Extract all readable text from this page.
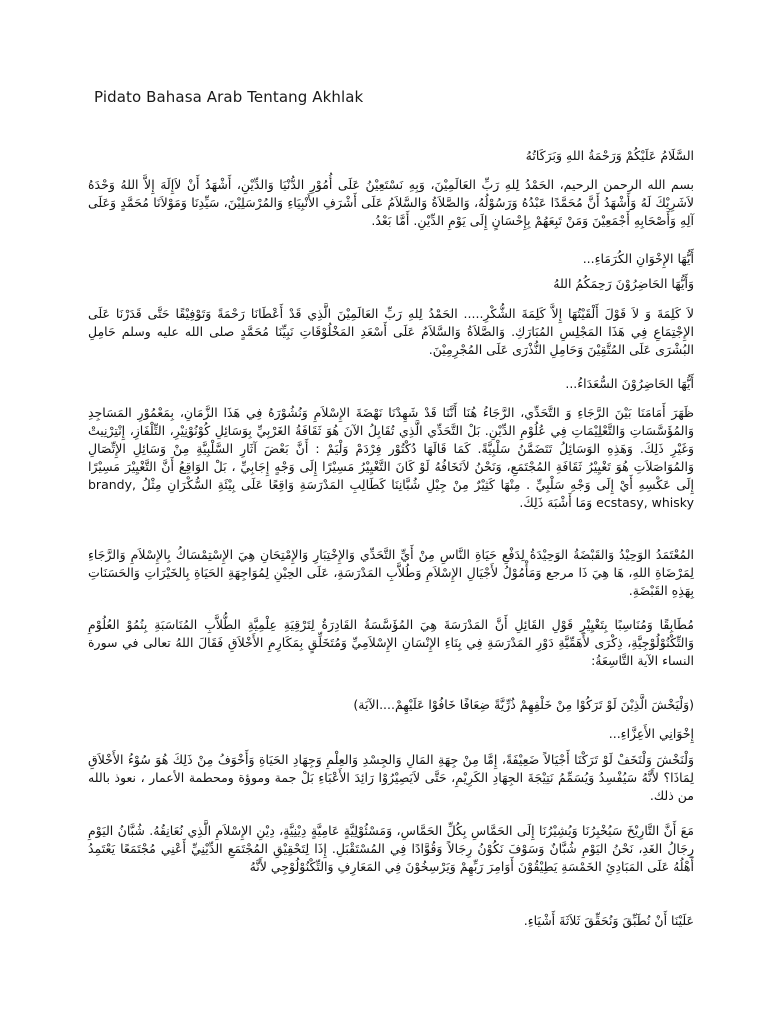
Pidato Bahasa Arab Tentang Akhlak
السَّلَامُ عَلَيْكُمْ وَرَحْمَةُ اللهِ وَبَرَكَاتُهُ
بسم الله الرحمن الرحيم، الحَمْدُ لِلهِ رَبِّ العَالَمِيْنَ، وَبِهِ نَسْتَعِيْنُ عَلَى أُمُوْرِ الدُّنْيَا وَالدِّيْنِ، أَشْهَدُ أَنْ لاَإِلَهَ إِلاَّ اللهُ وَحْدَهُ لاَشَرِيْكَ لَهُ وَأَشْهَدُ أَنَّ مُحَمَّدًا عَبْدُهُ وَرَسُوْلُهُ، وَالصَّلاَةُ وَالسَّلاَمُ عَلَى أَشْرَفِ الأَنْبِيَاءِ وَالمُرْسَلِيْنَ، سَيِّدِنَا وَمَوْلاَنَا مُحَمَّدٍ وَعَلَى آلِهِ وَأَصْحَابِهِ أَجْمَعِيْنَ وَمَنْ تَبِعَهُمْ بِإِحْسَانٍ إِلَى يَوْمِ الدِّيْنِ. أَمَّا بَعْدُ.
أَيُّهَا الإِخْوَانِ الكُرَمَاءِ...
وَأَيُّهَا الحَاضِرُوْنَ رَحِمَكُمُ اللهُ
لاَ كَلِمَةَ وَ لاَ قَوْلَ أَلْقَيْتُهَا إِلاَّ كَلِمَةَ الشُّكْرِ..... الحَمْدُ لِلهِ رَبِّ العَالَمِيْنَ الَّذِي قَدْ أَعْطَانَا رَحْمَةً وَتَوْفِيْقًا حَتَّى قَدَرْنَا عَلَى الإِجْتِمَاعِ فِي هَذَا المَجْلِسِ المُبَارَكِ. وَالصَّلاَةُ وَالسَّلاَمُ عَلَى أَسْعَدِ المَخْلُوْقَاتِ نَبِيِّنَا مُحَمَّدٍ صلى الله عليه وسلم حَامِلِ البُشْرَى عَلَى المُتَّقِيْنَ وَحَامِلِ النُّذْرَى عَلَى المُجْرِمِيْنَ.
أَيُّهَا الحَاضِرُوْنَ السُّعَدَاءُ...
ظَهَرَ أَمَامَنَا بَيْنَ الرَّجَاءِ وَ التَّحَدِّي، الرَّجَاءُ هُنَا أَنَّنَا قَدْ شَهِدْنَا نَهْضَةَ الإِسْلاَمِ وَنُشُوْرَهُ فِي هَذَا الزَّمَانِ، بِمَعْمُوْرِ المَسَاجِدِ وَالمُؤَسَّسَاتِ وَالتَّعْلِيْمَاتِ فِي عُلُوْمِ الدِّيْنِ. بَلْ التَّحَدِّي الَّذِي تُقَابِلُ الآنَ هُوَ ثَقَافَةُ الغَرْبِيِّ بِوَسَائِلِ كُوْنُوْنِيْرِ، التِّلْفَازِ، إِنْتِرْنِيتْ وَغَيْرِ ذَلِكَ. وَهَذِهِ الوَسَائِلُ تَتَضَمَّنُ سَلْبِيَّةً. كَمَا قَالَهَا دُكْتُوْر فِرْدَمْ وَلْيَمْ : أَنَّ بَعْضَ آثَارِ السَّلْبِيَّةِ مِنْ وَسَائِلِ الإِتِّصَالِ وَالمُوَاصَلاَتِ هُوَ تَغْيِيْرُ ثَقَافَةِ المُجْتَمَعِ، وَنَحْنُ لاَنَخَافُهُ لَوْ كَانَ التَّغْيِيْرُ مَسِيْرًا إِلَى وَجْهٍ إِجَابِيِّ ، بَلْ الوَاقِعُ أَنَّ التَّغْيِيْرَ مَسِيْرًا إِلَى عَكْسِهِ أَيْ إِلَى وَجْهِ سَلْبِيِّ . مِنْهَا كَثِيْرٌ مِنْ جِيْلِ شُبَّانِنَا كَطَالِبِ المَدْرَسَةِ وَاقِعًا عَلَى بِيْئَةِ السُّكْرَانِ مِثْلُ brandy, ecstasy, whisky وَمَا أَشْبَهَ ذَلِكَ.
المُعْتَمَدُ الوَحِيْدُ وَالقَبْضَةُ الوَحِيْدَةُ لِدَفْعِ حَيَاةِ النَّاسِ مِنْ أَيِّ التَّحَدِّي وَالإِخْتِبَارِ وَالإِمْتِحَانِ هِيَ الإِسْتِمْسَاكُ بِالإِسْلاَمِ وَالرَّجَاءِ لِمَرْضَاةِ اللهِ، هَا هِيَ ذَا مرجع وَمَأْمُوْلُ لأَجْيَالِ الإِسْلاَمِ وَطُلاَّبِ المَدْرَسَةِ، عَلَى الحِيْنِ لِمُوَاجِهَةِ الحَيَاةِ بِالخَيْرَاتِ وَالحَسَنَاتِ بِهَذِهِ القَبْضَةِ.
مُطَابِقًا وَمُنَاسِبًا بِتَغْيِيْرِ قَوْلِ القَائِلِ أَنَّ المَدْرَسَةَ هِيَ المُؤَسَّسَةُ القَادِرَةُ لِتَرْقِيَةِ عِلْمِيَّةِ الطُّلاَّبِ المُنَاسَبَةِ بِنُمُوْ العُلُوْمِ وَالتِّكْنُوْلُوْجِيَّةِ، ذِكْرَى لأَهَمِّيَّةِ دَوْرِ المَدْرَسَةِ فِي بِنَاءِ الإِنْسَانِ الإِسْلاَمِيِّ وَمُتَخَلِّقٍ بِمَكَارِمِ الأَخْلاَقِ فَقَالَ اللهُ تعالى في سورة النساء الآية التَّاسِعَةُ:
(وَلْيَخْشَ الَّذِيْنَ لَوْ تَرَكُوْا مِنْ خَلْفِهِمْ ذُرِّيَّةً ضِعَافًا خَافُوْا عَلَيْهِمْ....الآيَة)
إِخْوَانِي الأَعِزَّاءِ...
وَلْنَخْشَ وَلْنَخَفْ لَوْ تَرَكْنَا أَجْيَالاً ضَعِيْفَةً، إِمَّا مِنْ جِهَةِ المَالِ وَالجِسْدِ وَالعِلْمِ وَجِهَادِ الحَيَاةِ وَأَخْوَفُ مِنْ ذَلِكَ هُوَ سُوْءُ الأَخْلاَقِ لِمَاذَا؟ لأَنَّهُ سَيُفْسِدُ وَيُسَمِّمُ نَتِيْجَةَ الجِهَادِ الكَرِيْمِ، حَتَّى لاَيَصِيْرُوْا رَائِدَ الأَعْبَاءِ بَلْ جمة وموؤة ومحطمة الأعمار ، نعوذ بالله من ذلك.
مَعَ أَنَّ التَّارِيْخَ سَيُخْبِرُنَا وَيُشِيْرُنَا إِلَى الحَمَّاسِ بِكُلِّ الحَمَّاسِ، وَمَسْئُوْلِيَّةٍ عَامِيَّةٍ دِيْنِيَّةٍ، دِيْنِ الإِسْلاَمِ الَّذِي نُعَانِقُهُ. شُبَّانُ اليَوْمِ رِجَالُ الغَدِ، نَحْنُ اليَوْمِ شُبَّانٌ وَسَوْفَ نَكُوْنُ رِجَالاً وَقُوَّادًا فِي المُسْتَقْبَلِ. إِذَا لِتَحْقِيْقِ المُجْتَمَعِ الدِّيْنِيِّ أَعْنِي مُجْتَمَعًا يَعْتَمِدُ أَهْلُهُ عَلَى المَبَادِئِ الخَمْسَةِ يَطِيْقُوْنَ أَوَامِرَ رَبِّهِمْ وَيَرْسِخُوْنَ فِي المَعَارِفِ وَالتِّكْنُوْلُوْجِي لأَنَّهُ
عَلَيْنَا أَنْ نُطَبِّقَ وَنُحَقِّقَ ثَلاَثَةَ أَشْيَاءِ.
